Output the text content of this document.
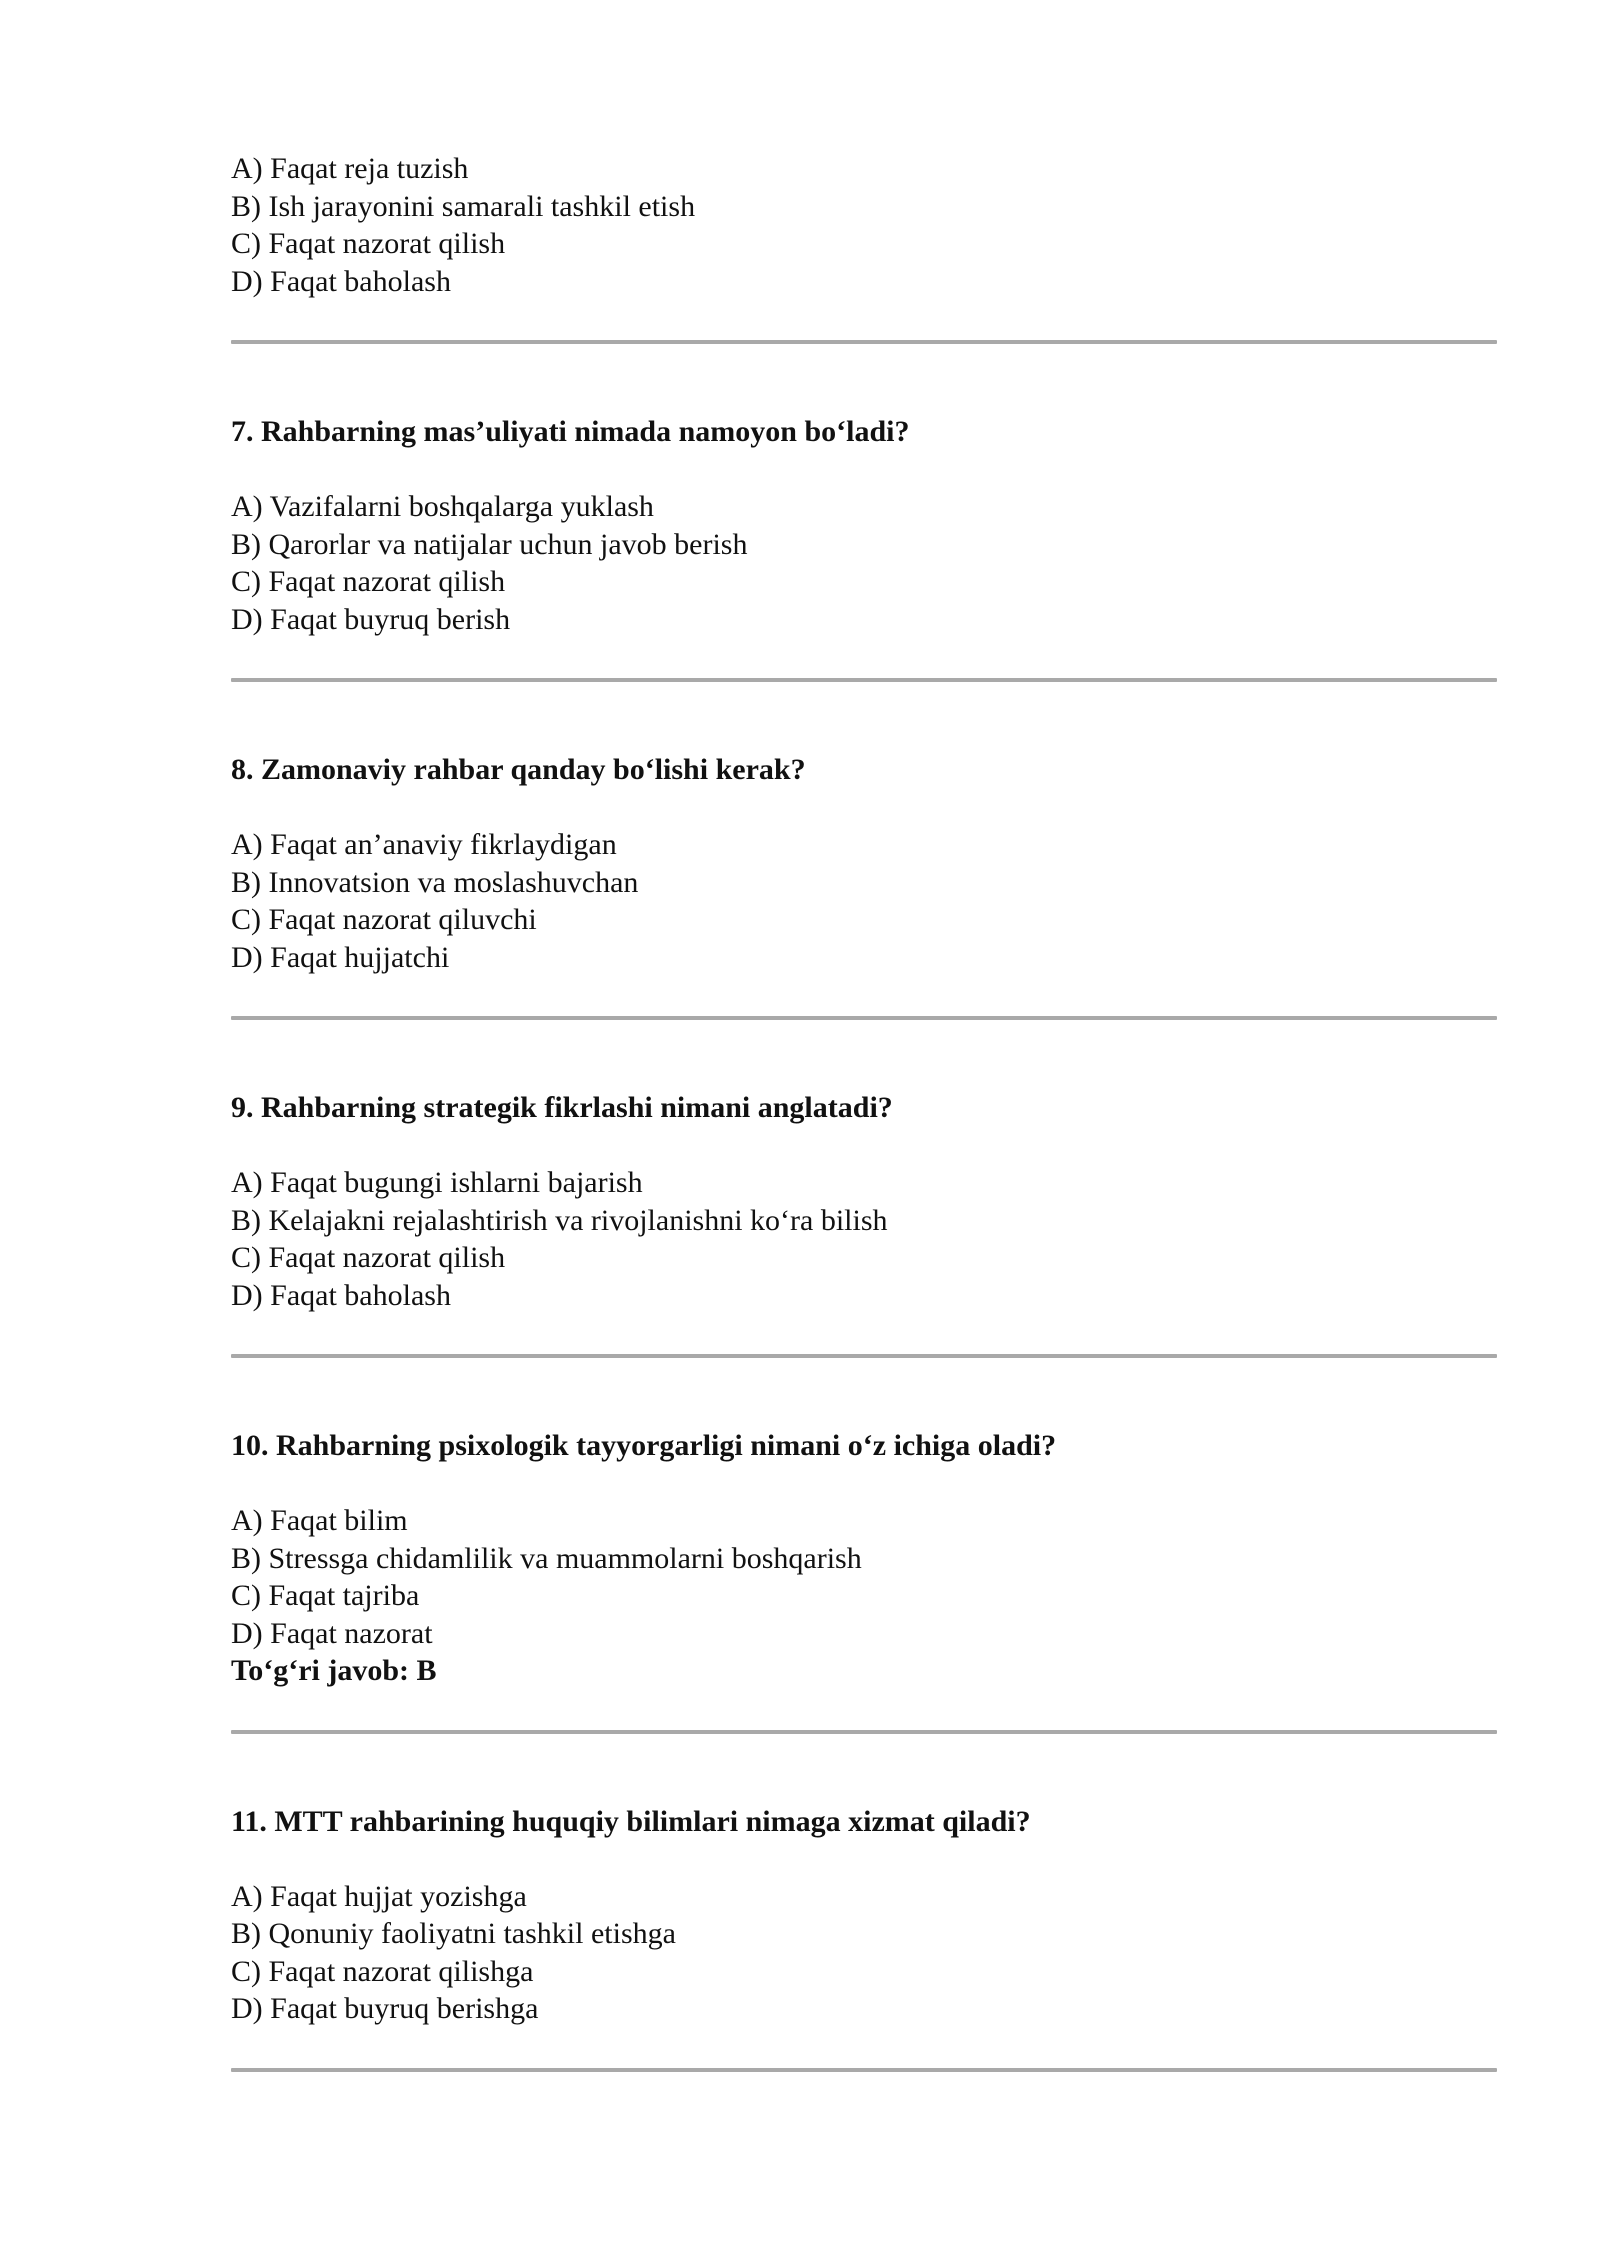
A) Faqat reja tuzish

B) Ish jarayonini samarali tashkil etish

C) Faqat nazorat qilish

D) Faqat baholash

7. Rahbarning mas’uliyati nimada namoyon bo‘ladi?

A) Vazifalarni boshqalarga yuklash

B) Qarorlar va natijalar uchun javob berish

C) Faqat nazorat qilish

D) Faqat buyruq berish

8. Zamonaviy rahbar qanday bo‘lishi kerak?

A) Faqat an’anaviy fikrlaydigan

B) Innovatsion va moslashuvchan

C) Faqat nazorat qiluvchi

D) Faqat hujjatchi

9. Rahbarning strategik fikrlashi nimani anglatadi?

A) Faqat bugungi ishlarni bajarish

B) Kelajakni rejalashtirish va rivojlanishni ko‘ra bilish

C) Faqat nazorat qilish

D) Faqat baholash

10. Rahbarning psixologik tayyorgarligi nimani o‘z ichiga oladi?

A) Faqat bilim

B) Stressga chidamlilik va muammolarni boshqarish

C) Faqat tajriba

D) Faqat nazorat

To‘g‘ri javob: B

11. MTT rahbarining huquqiy bilimlari nimaga xizmat qiladi?

A) Faqat hujjat yozishga

B) Qonuniy faoliyatni tashkil etishga

C) Faqat nazorat qilishga

D) Faqat buyruq berishga
